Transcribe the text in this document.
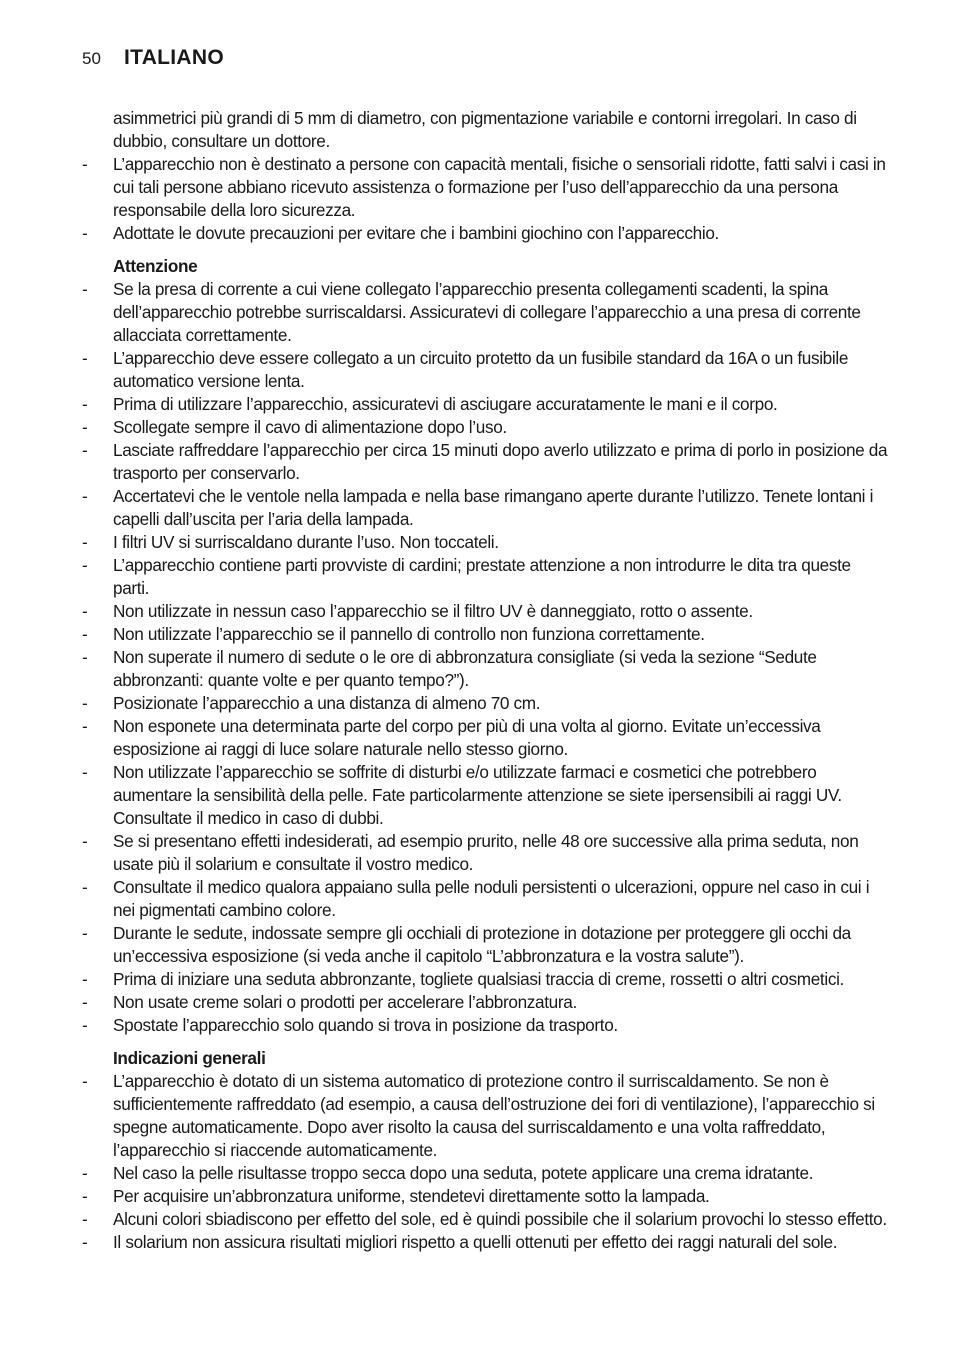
50	ITALIANO

asimmetrici più grandi di 5 mm di diametro, con pigmentazione variabile e contorni irregolari. In caso di dubbio, consultare un dottore.

-	L’apparecchio non è destinato a persone con capacità mentali, fisiche o sensoriali ridotte, fatti salvi i casi in cui tali persone abbiano ricevuto assistenza o formazione per l’uso dell’apparecchio da una persona responsabile della loro sicurezza.
-	Adottate le dovute precauzioni per evitare che i bambini giochino con l’apparecchio.
Attenzione
-	Se la presa di corrente a cui viene collegato l’apparecchio presenta collegamenti scadenti, la spina dell’apparecchio potrebbe surriscaldarsi. Assicuratevi di collegare l’apparecchio a una presa di corrente allacciata correttamente.
-	L’apparecchio deve essere collegato a un circuito protetto da un fusibile standard da 16A o un fusibile automatico versione lenta.
-	Prima di utilizzare l’apparecchio, assicuratevi di asciugare accuratamente le mani e il corpo.
-	Scollegate sempre il cavo di alimentazione dopo l’uso.
-	Lasciate raffreddare l’apparecchio per circa 15 minuti dopo averlo utilizzato e prima di porlo in posizione da trasporto per conservarlo.
-	Accertatevi che le ventole nella lampada e nella base rimangano aperte durante l’utilizzo. Tenete lontani i capelli dall’uscita per l’aria della lampada.
-	I filtri UV si surriscaldano durante l’uso. Non toccateli.
-	L’apparecchio contiene parti provviste di cardini; prestate attenzione a non introdurre le dita tra queste parti.
-	Non utilizzate in nessun caso l’apparecchio se il filtro UV è danneggiato, rotto o assente.
-	Non utilizzate l’apparecchio se il pannello di controllo non funziona correttamente.
-	Non superate il numero di sedute o le ore di abbronzatura consigliate (si veda la sezione “Sedute abbronzanti: quante volte e per quanto tempo?”).
-	Posizionate l’apparecchio a una distanza di almeno 70 cm.
-	Non esponete una determinata parte del corpo per più di una volta al giorno. Evitate un’eccessiva esposizione ai raggi di luce solare naturale nello stesso giorno.
-	Non utilizzate l’apparecchio se soffrite di disturbi e/o utilizzate farmaci e cosmetici che potrebbero aumentare la sensibilità della pelle. Fate particolarmente attenzione se siete ipersensibili ai raggi UV. Consultate il medico in caso di dubbi.
-	Se si presentano effetti indesiderati, ad esempio prurito, nelle 48 ore successive alla prima seduta, non usate più il solarium e consultate il vostro medico.
-	Consultate il medico qualora appaiano sulla pelle noduli persistenti o ulcerazioni, oppure nel caso in cui i nei pigmentati cambino colore.
-	Durante le sedute, indossate sempre gli occhiali di protezione in dotazione per proteggere gli occhi da un’eccessiva esposizione (si veda anche il capitolo “L’abbronzatura e la vostra salute”).
-	Prima di iniziare una seduta abbronzante, togliete qualsiasi traccia di creme, rossetti o altri cosmetici.
-	Non usate creme solari o prodotti per accelerare l’abbronzatura.
-	Spostate l’apparecchio solo quando si trova in posizione da trasporto.
Indicazioni generali
-	L’apparecchio è dotato di un sistema automatico di protezione contro il surriscaldamento. Se non è sufficientemente raffreddato (ad esempio, a causa dell’ostruzione dei fori di ventilazione), l’apparecchio si spegne automaticamente. Dopo aver risolto la causa del surriscaldamento e una volta raffreddato, l’apparecchio si riaccende automaticamente.
-	Nel caso la pelle risultasse troppo secca dopo una seduta, potete applicare una crema idratante.
-	Per acquisire un’abbronzatura uniforme, stendetevi direttamente sotto la lampada.
-	Alcuni colori sbiadiscono per effetto del sole, ed è quindi possibile che il solarium provochi lo stesso effetto.
-	Il solarium non assicura risultati migliori rispetto a quelli ottenuti per effetto dei raggi naturali del sole.
